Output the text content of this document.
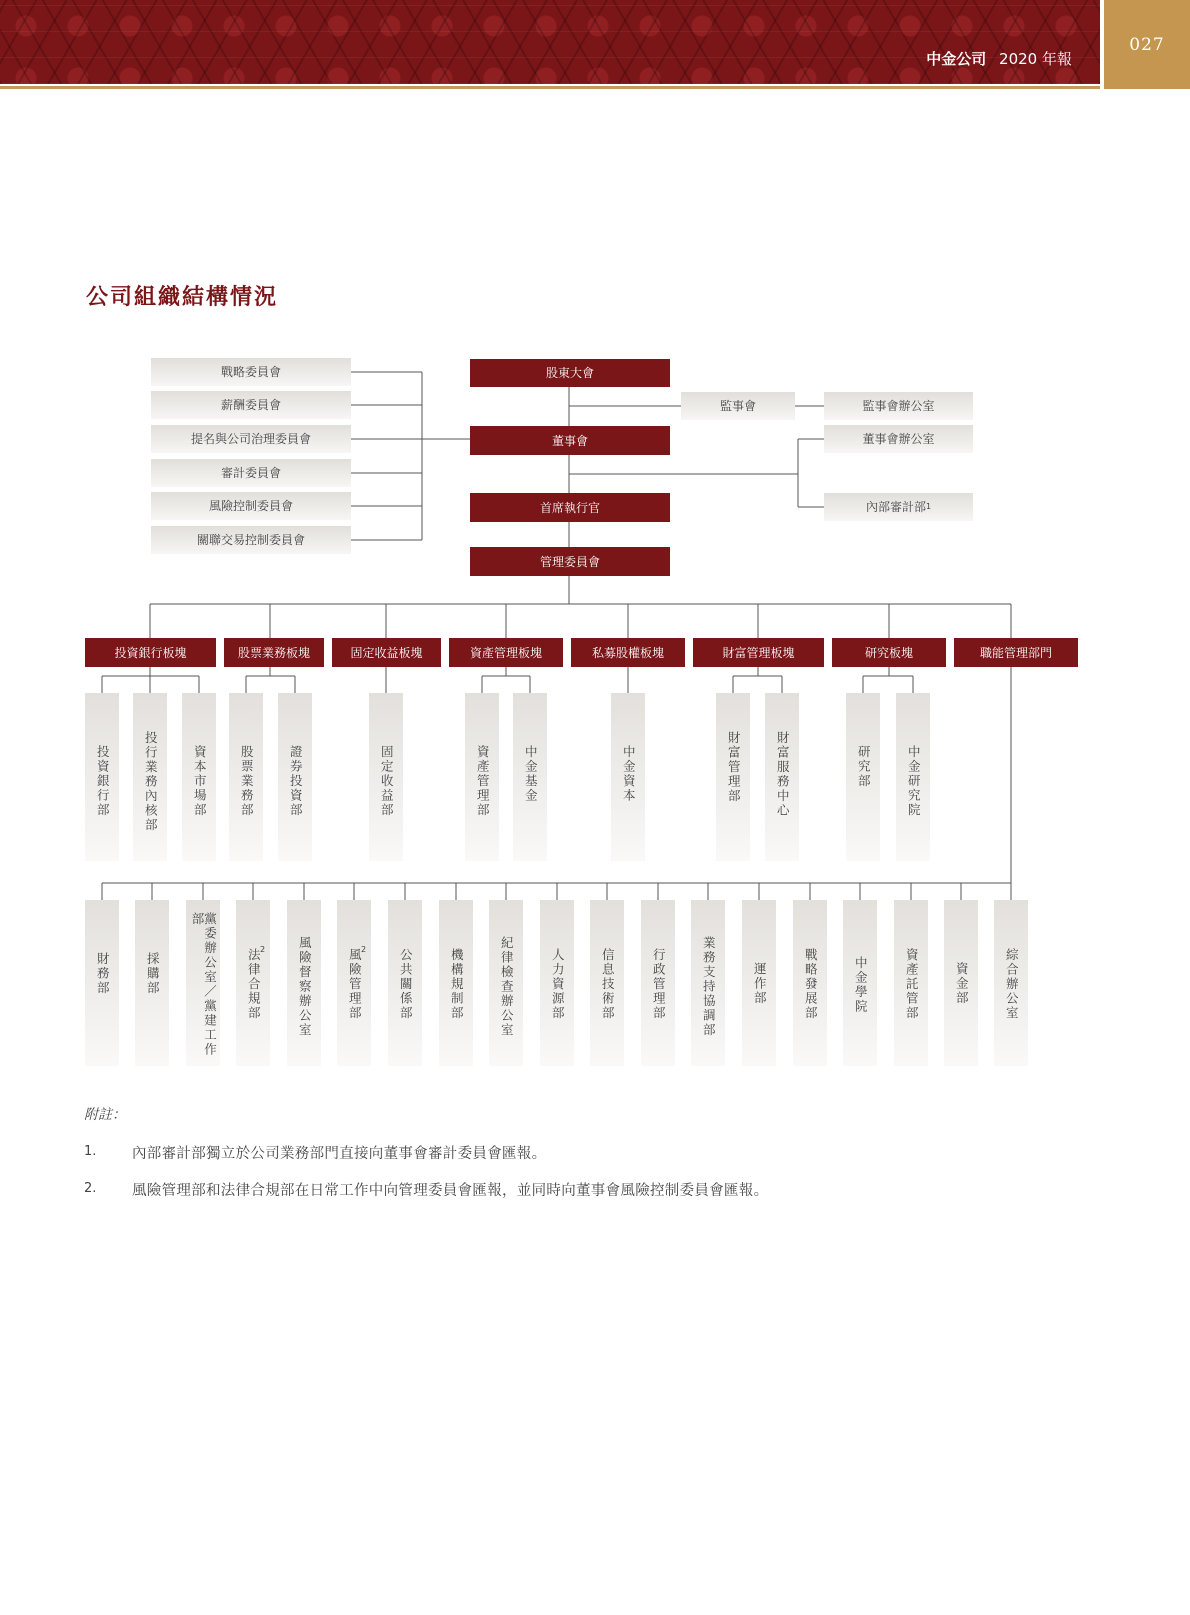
027
中金公司 2020 年報
公司組織結構情況
戰略委員會
薪酬委員會
提名與公司治理委員會
審計委員會
風險控制委員會
關聯交易控制委員會
股東大會
董事會
首席執行官
管理委員會
監事會	監事會辦公室
董事會辦公室
內部審計部 1
投資銀行板塊	股票業務板塊	固定收益板塊	資產管理板塊	私募股權板塊	財富管理板塊	研究板塊	職能管理部門
投資銀行部	投行業務內核部	資本市場部	股票業務部	證券投資部	固定收益部	資產管理部	中金基金	中金資本	財富管理部	財富服務中心	研究部	中金研究院
財務部	採購部	黨委辦公室／黨建工作部
法律合規部
2	風險督察辦公室	風險管理部
2	公共關係部	機構規制部	紀律檢查辦公室	人力資源部	信息技術部	行政管理部	業務支持協調部	運作部	戰略發展部	中金學院	資產託管部	資金部	綜合辦公室
附註：
1. 內部審計部獨立於公司業務部門直接向董事會審計委員會匯報。
2. 風險管理部和法律合規部在日常工作中向管理委員會匯報，並同時向董事會風險控制委員會匯報。
